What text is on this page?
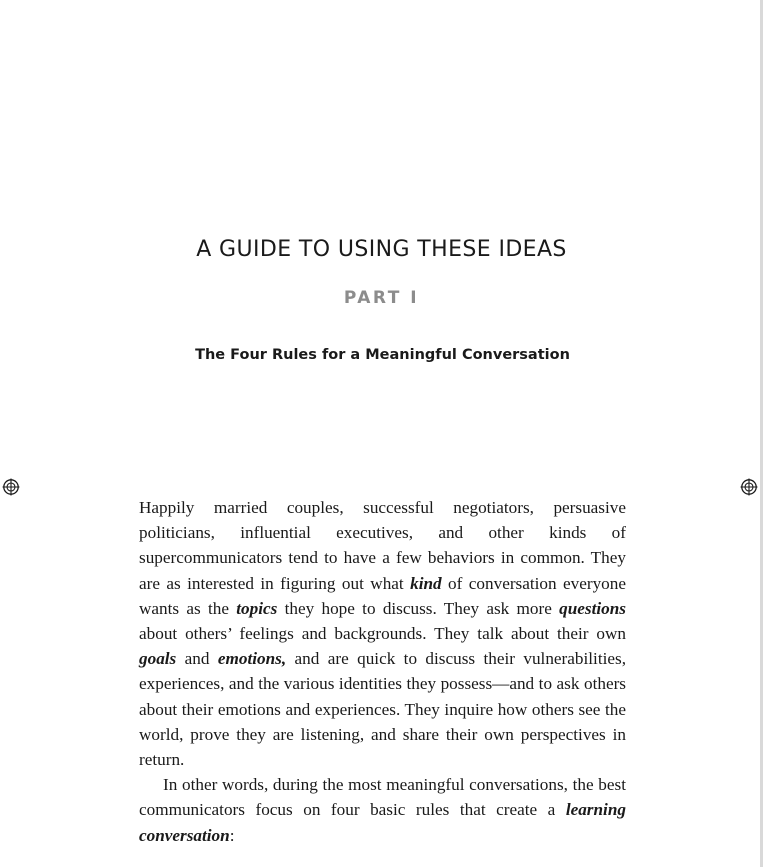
A GUIDE TO USING THESE IDEAS
PART I
The Four Rules for a Meaningful Conversation

Happily married couples, successful negotiators, persuasive politicians, influential executives, and other kinds of supercommunicators tend to have a few behaviors in common. They are as interested in figuring out what kind of conversation everyone wants as the topics they hope to discuss. They ask more questions about others’ feelings and backgrounds. They talk about their own goals and emotions, and are quick to discuss their vulnerabilities, experiences, and the various identities they possess—and to ask others about their emotions and experiences. They inquire how others see the world, prove they are listening, and share their own perspectives in return.

In other words, during the most meaningful conversations, the best communicators focus on four basic rules that create a learning conversation:
